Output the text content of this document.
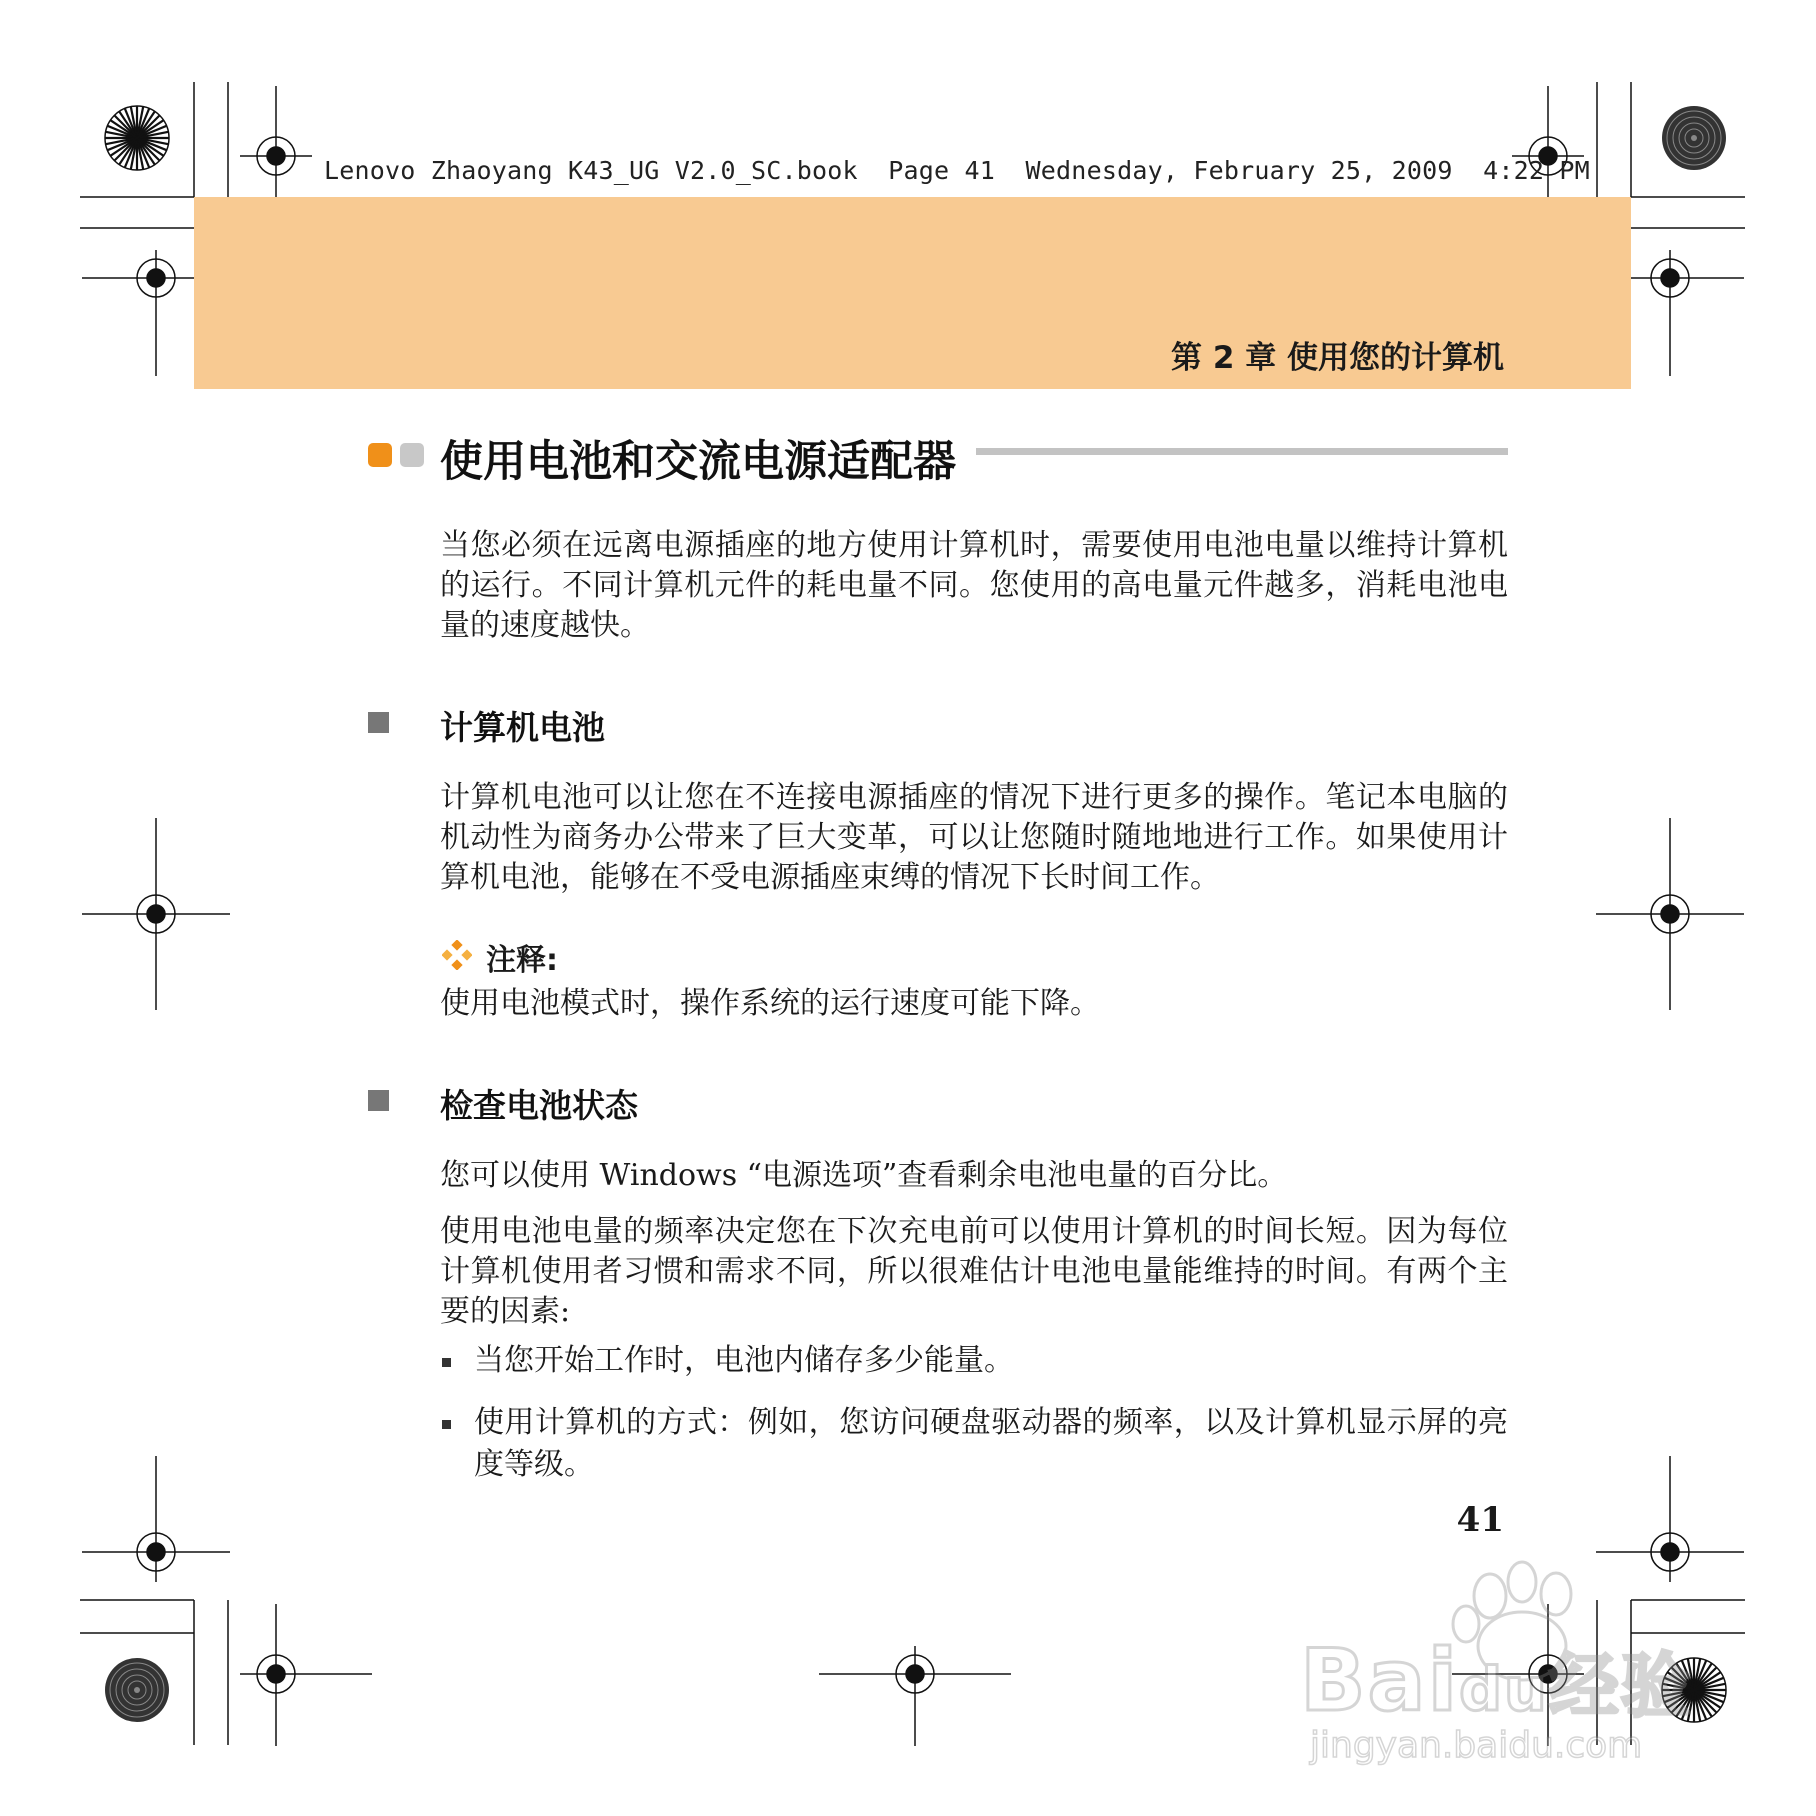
Lenovo Zhaoyang K43_UG V2.0_SC.book  Page 41  Wednesday, February 25, 2009  4:22 PM
第 2 章 使用您的计算机
使用电池和交流电源适配器
当您必须在远离电源插座的地方使用计算机时，需要使用电池电量以维持计算机的运行。不同计算机元件的耗电量不同。您使用的高电量元件越多，消耗电池电量的速度越快。
计算机电池
计算机电池可以让您在不连接电源插座的情况下进行更多的操作。笔记本电脑的机动性为商务办公带来了巨大变革，可以让您随时随地地进行工作。如果使用计算机电池，能够在不受电源插座束缚的情况下长时间工作。
注释:
使用电池模式时，操作系统的运行速度可能下降。
检查电池状态
您可以使用 Windows “电源选项”查看剩余电池电量的百分比。
使用电池电量的频率决定您在下次充电前可以使用计算机的时间长短。因为每位计算机使用者习惯和需求不同，所以很难估计电池电量能维持的时间。有两个主要的因素:
当您开始工作时，电池内储存多少能量。
使用计算机的方式：例如，您访问硬盘驱动器的频率，以及计算机显示屏的亮度等级。
41
Baidu经验
jingyan.baidu.com
